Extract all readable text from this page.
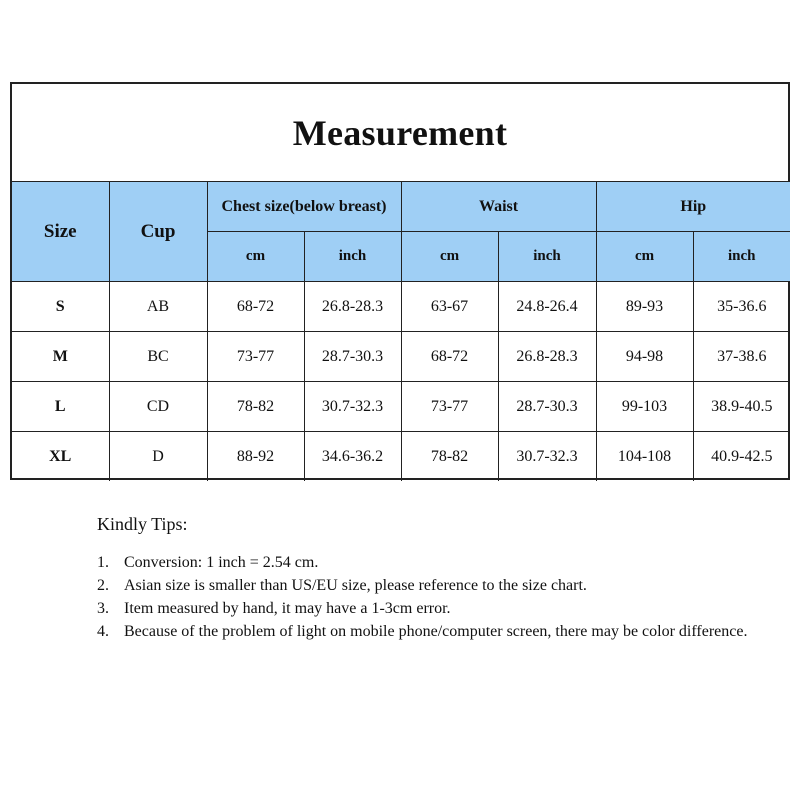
Measurement
Size	Cup	Chest size(below breast)		Waist		Hip	
		cm	inch	cm	inch	cm	inch
S	AB	68-72	26.8-28.3	63-67	24.8-26.4	89-93	35-36.6
M	BC	73-77	28.7-30.3	68-72	26.8-28.3	94-98	37-38.6
L	CD	78-82	30.7-32.3	73-77	28.7-30.3	99-103	38.9-40.5
XL	D	88-92	34.6-36.2	78-82	30.7-32.3	104-108	40.9-42.5
Kindly Tips:
1. Conversion: 1 inch = 2.54 cm.
2. Asian size is smaller than US/EU size, please reference to the size chart.
3. Item measured by hand, it may have a 1-3cm error.
4. Because of the problem of light on mobile phone/computer screen, there may be color difference.
